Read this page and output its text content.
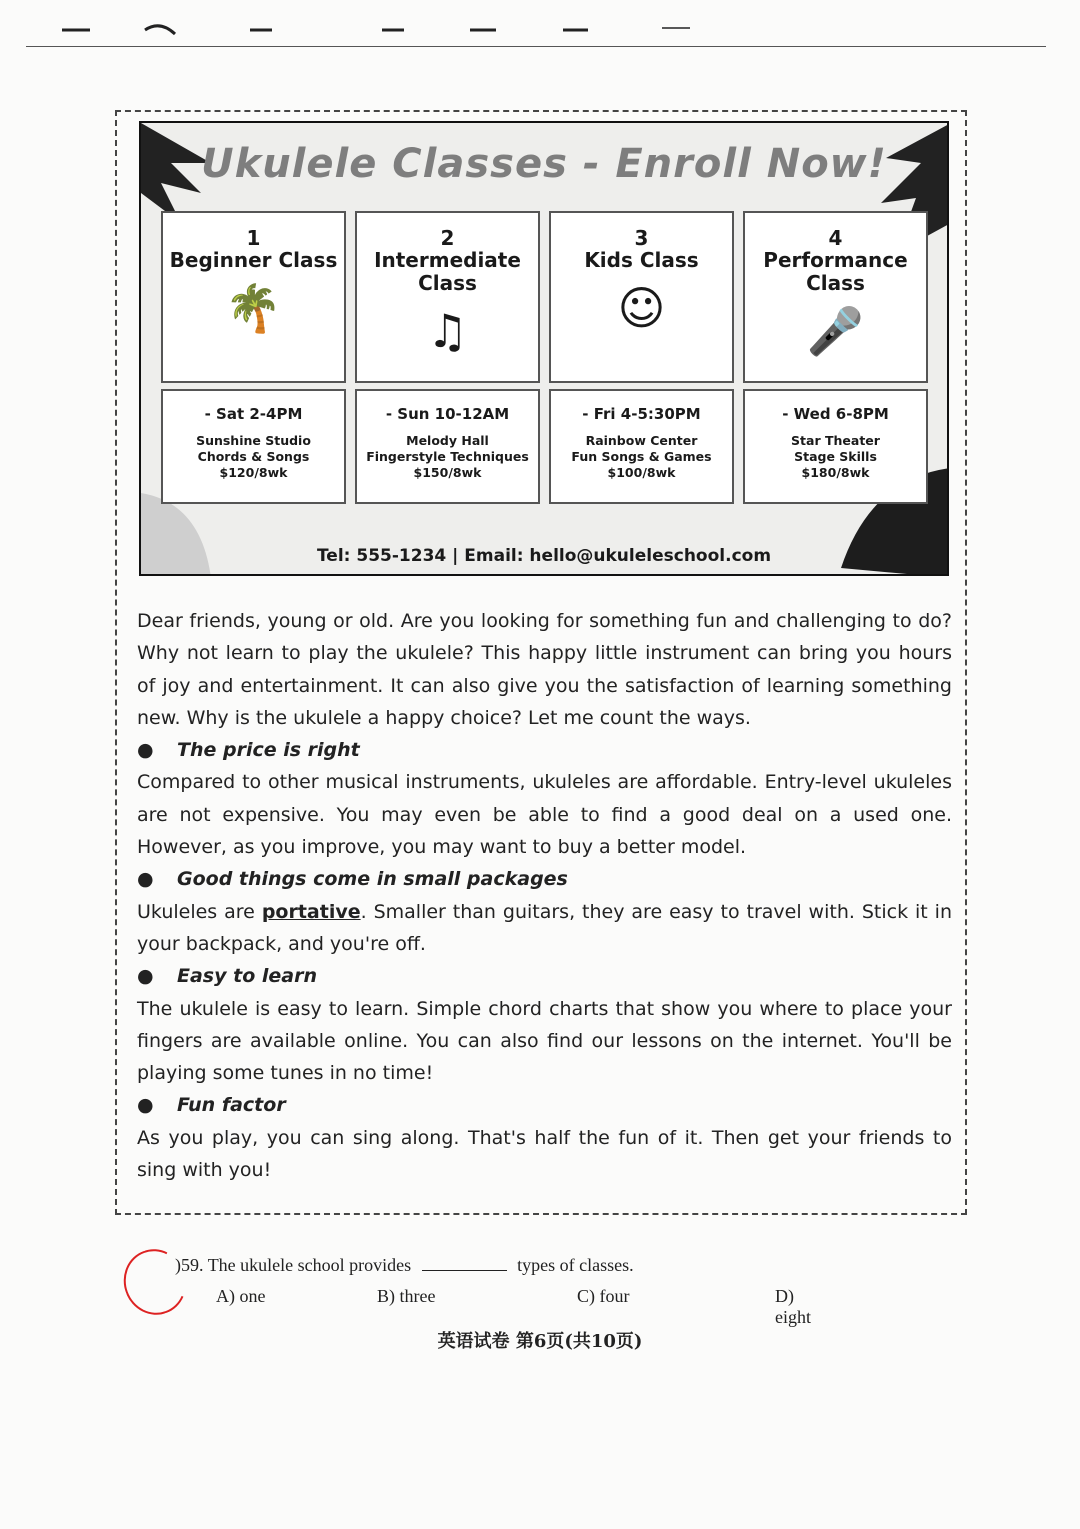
Ukulele Classes - Enroll Now!
1
Beginner Class
🌴
2
Intermediate Class
♫
3
Kids Class
☺
4
Performance Class
🎤
- Sat 2-4PM
Sunshine Studio
Chords & Songs
$120/8wk
- Sun 10-12AM
Melody Hall
Fingerstyle Techniques
$150/8wk
- Fri 4-5:30PM
Rainbow Center
Fun Songs & Games
$100/8wk
- Wed 6-8PM
Star Theater
Stage Skills
$180/8wk
Tel: 555-1234 | Email: hello@ukuleleschool.com

Dear friends, young or old. Are you looking for something fun and challenging to do? Why not learn to play the ukulele? This happy little instrument can bring you hours of joy and entertainment. It can also give you the satisfaction of learning something new. Why is the ukulele a happy choice? Let me count the ways.

● The price is right

Compared to other musical instruments, ukuleles are affordable. Entry-level ukuleles are not expensive. You may even be able to find a good deal on a used one. However, as you improve, you may want to buy a better model.

● Good things come in small packages

Ukuleles are portative. Smaller than guitars, they are easy to travel with. Stick it in your backpack, and you're off.

● Easy to learn

The ukulele is easy to learn. Simple chord charts that show you where to place your fingers are available online. You can also find our lessons on the internet. You'll be playing some tunes in no time!

● Fun factor

As you play, you can sing along. That's half the fun of it. Then get your friends to sing with you!

)59. The ukulele school provides	types of classes.
A) one	B) three	C) four	D) eight
英语试卷 第6页(共10页)
